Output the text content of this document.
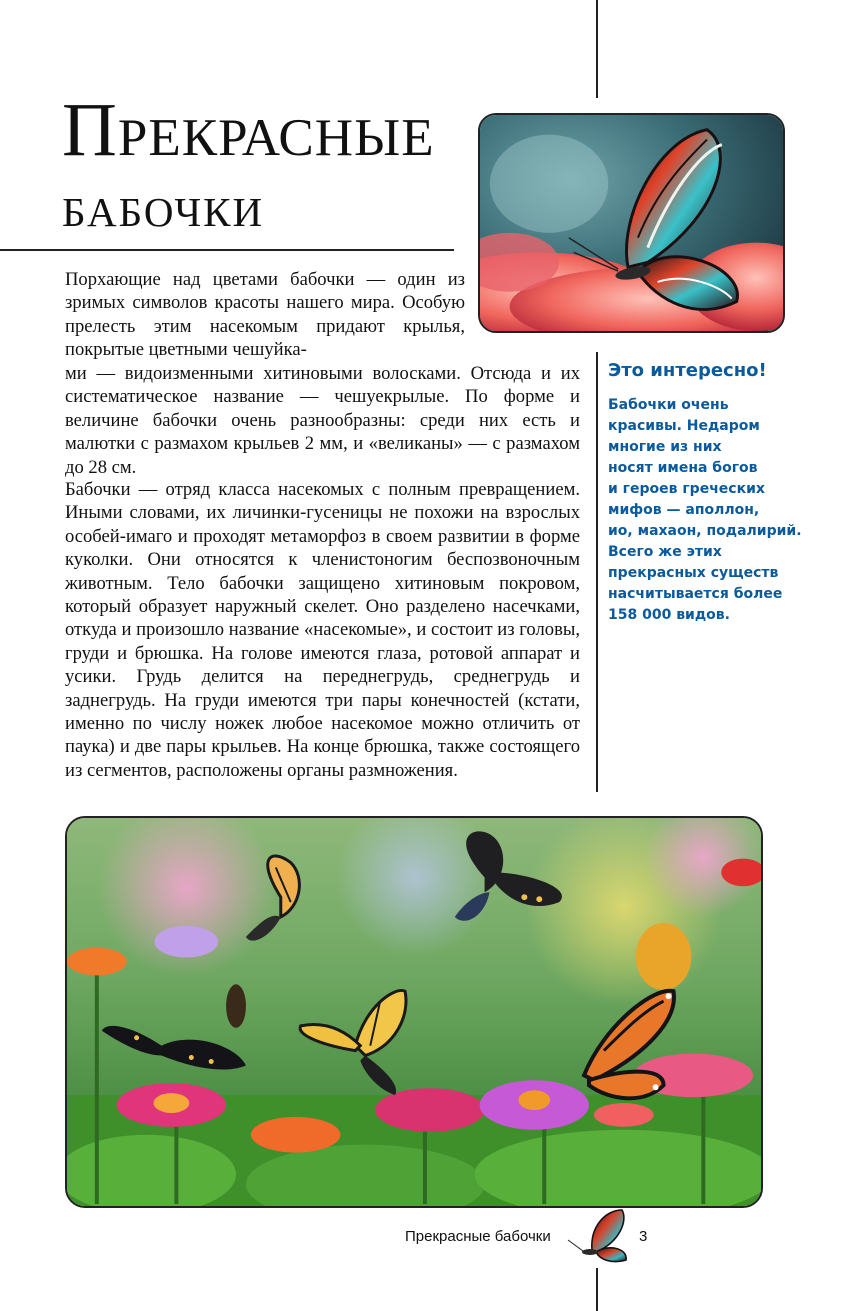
Прекрасные
бабочки

Порхающие над цветами бабочки — один из зримых символов красоты нашего мира. Особую прелесть этим насекомым придают крылья, покрытые цветными чешуйка-

ми — видоизменными хитиновыми волосками. Отсюда и их систематическое название — чешуекрылые. По форме и величине бабочки очень разнообразны: среди них есть и малютки с размахом крыльев 2 мм, и «великаны» — с размахом до 28 см.

Бабочки — отряд класса насекомых с полным превращением. Иными словами, их личинки-гусеницы не похожи на взрослых особей-имаго и проходят метаморфоз в своем развитии в форме куколки. Они относятся к членистоногим беспозвоночным животным. Тело бабочки защищено хитиновым покровом, который образует наружный скелет. Оно разделено насечками, откуда и произошло название «насекомые», и состоит из головы, груди и брюшка. На голове имеются глаза, ротовой аппарат и усики. Грудь делится на переднегрудь, среднегрудь и заднегрудь. На груди имеются три пары конечностей (кстати, именно по числу ножек любое насекомое можно отличить от паука) и две пары крыльев. На конце брюшка, также состоящего из сегментов, расположены органы размножения.

Это интересно!

Бабочки очень
красивы. Недаром
многие из них
носят имена богов
и героев греческих
мифов — аполлон,
ио, махаон, подалирий.
Всего же этих
прекрасных существ
насчитывается более
158 000 видов.

Прекрасные бабочки	3
